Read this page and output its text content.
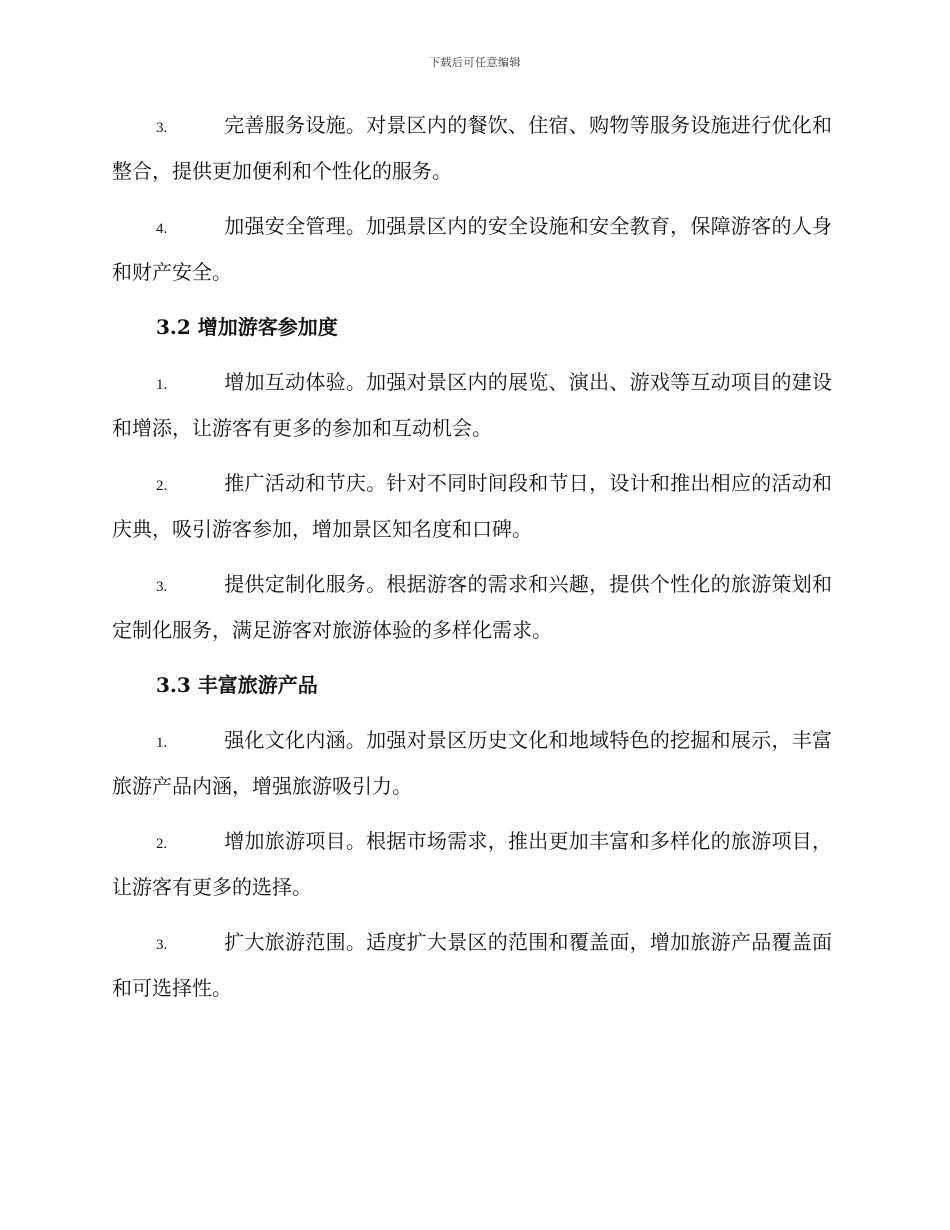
下载后可任意编辑

3.	完善服务设施。对景区内的餐饮、住宿、购物等服务设施进行优化和整合，提供更加便利和个性化的服务。

4.	加强安全管理。加强景区内的安全设施和安全教育，保障游客的人身和财产安全。

3.2 增加游客参加度

1.	增加互动体验。加强对景区内的展览、演出、游戏等互动项目的建设和增添，让游客有更多的参加和互动机会。

2.	推广活动和节庆。针对不同时间段和节日，设计和推出相应的活动和庆典，吸引游客参加，增加景区知名度和口碑。

3.	提供定制化服务。根据游客的需求和兴趣，提供个性化的旅游策划和定制化服务，满足游客对旅游体验的多样化需求。

3.3 丰富旅游产品

1.	强化文化内涵。加强对景区历史文化和地域特色的挖掘和展示，丰富旅游产品内涵，增强旅游吸引力。

2.	增加旅游项目。根据市场需求，推出更加丰富和多样化的旅游项目，让游客有更多的选择。

3.	扩大旅游范围。适度扩大景区的范围和覆盖面，增加旅游产品覆盖面和可选择性。
